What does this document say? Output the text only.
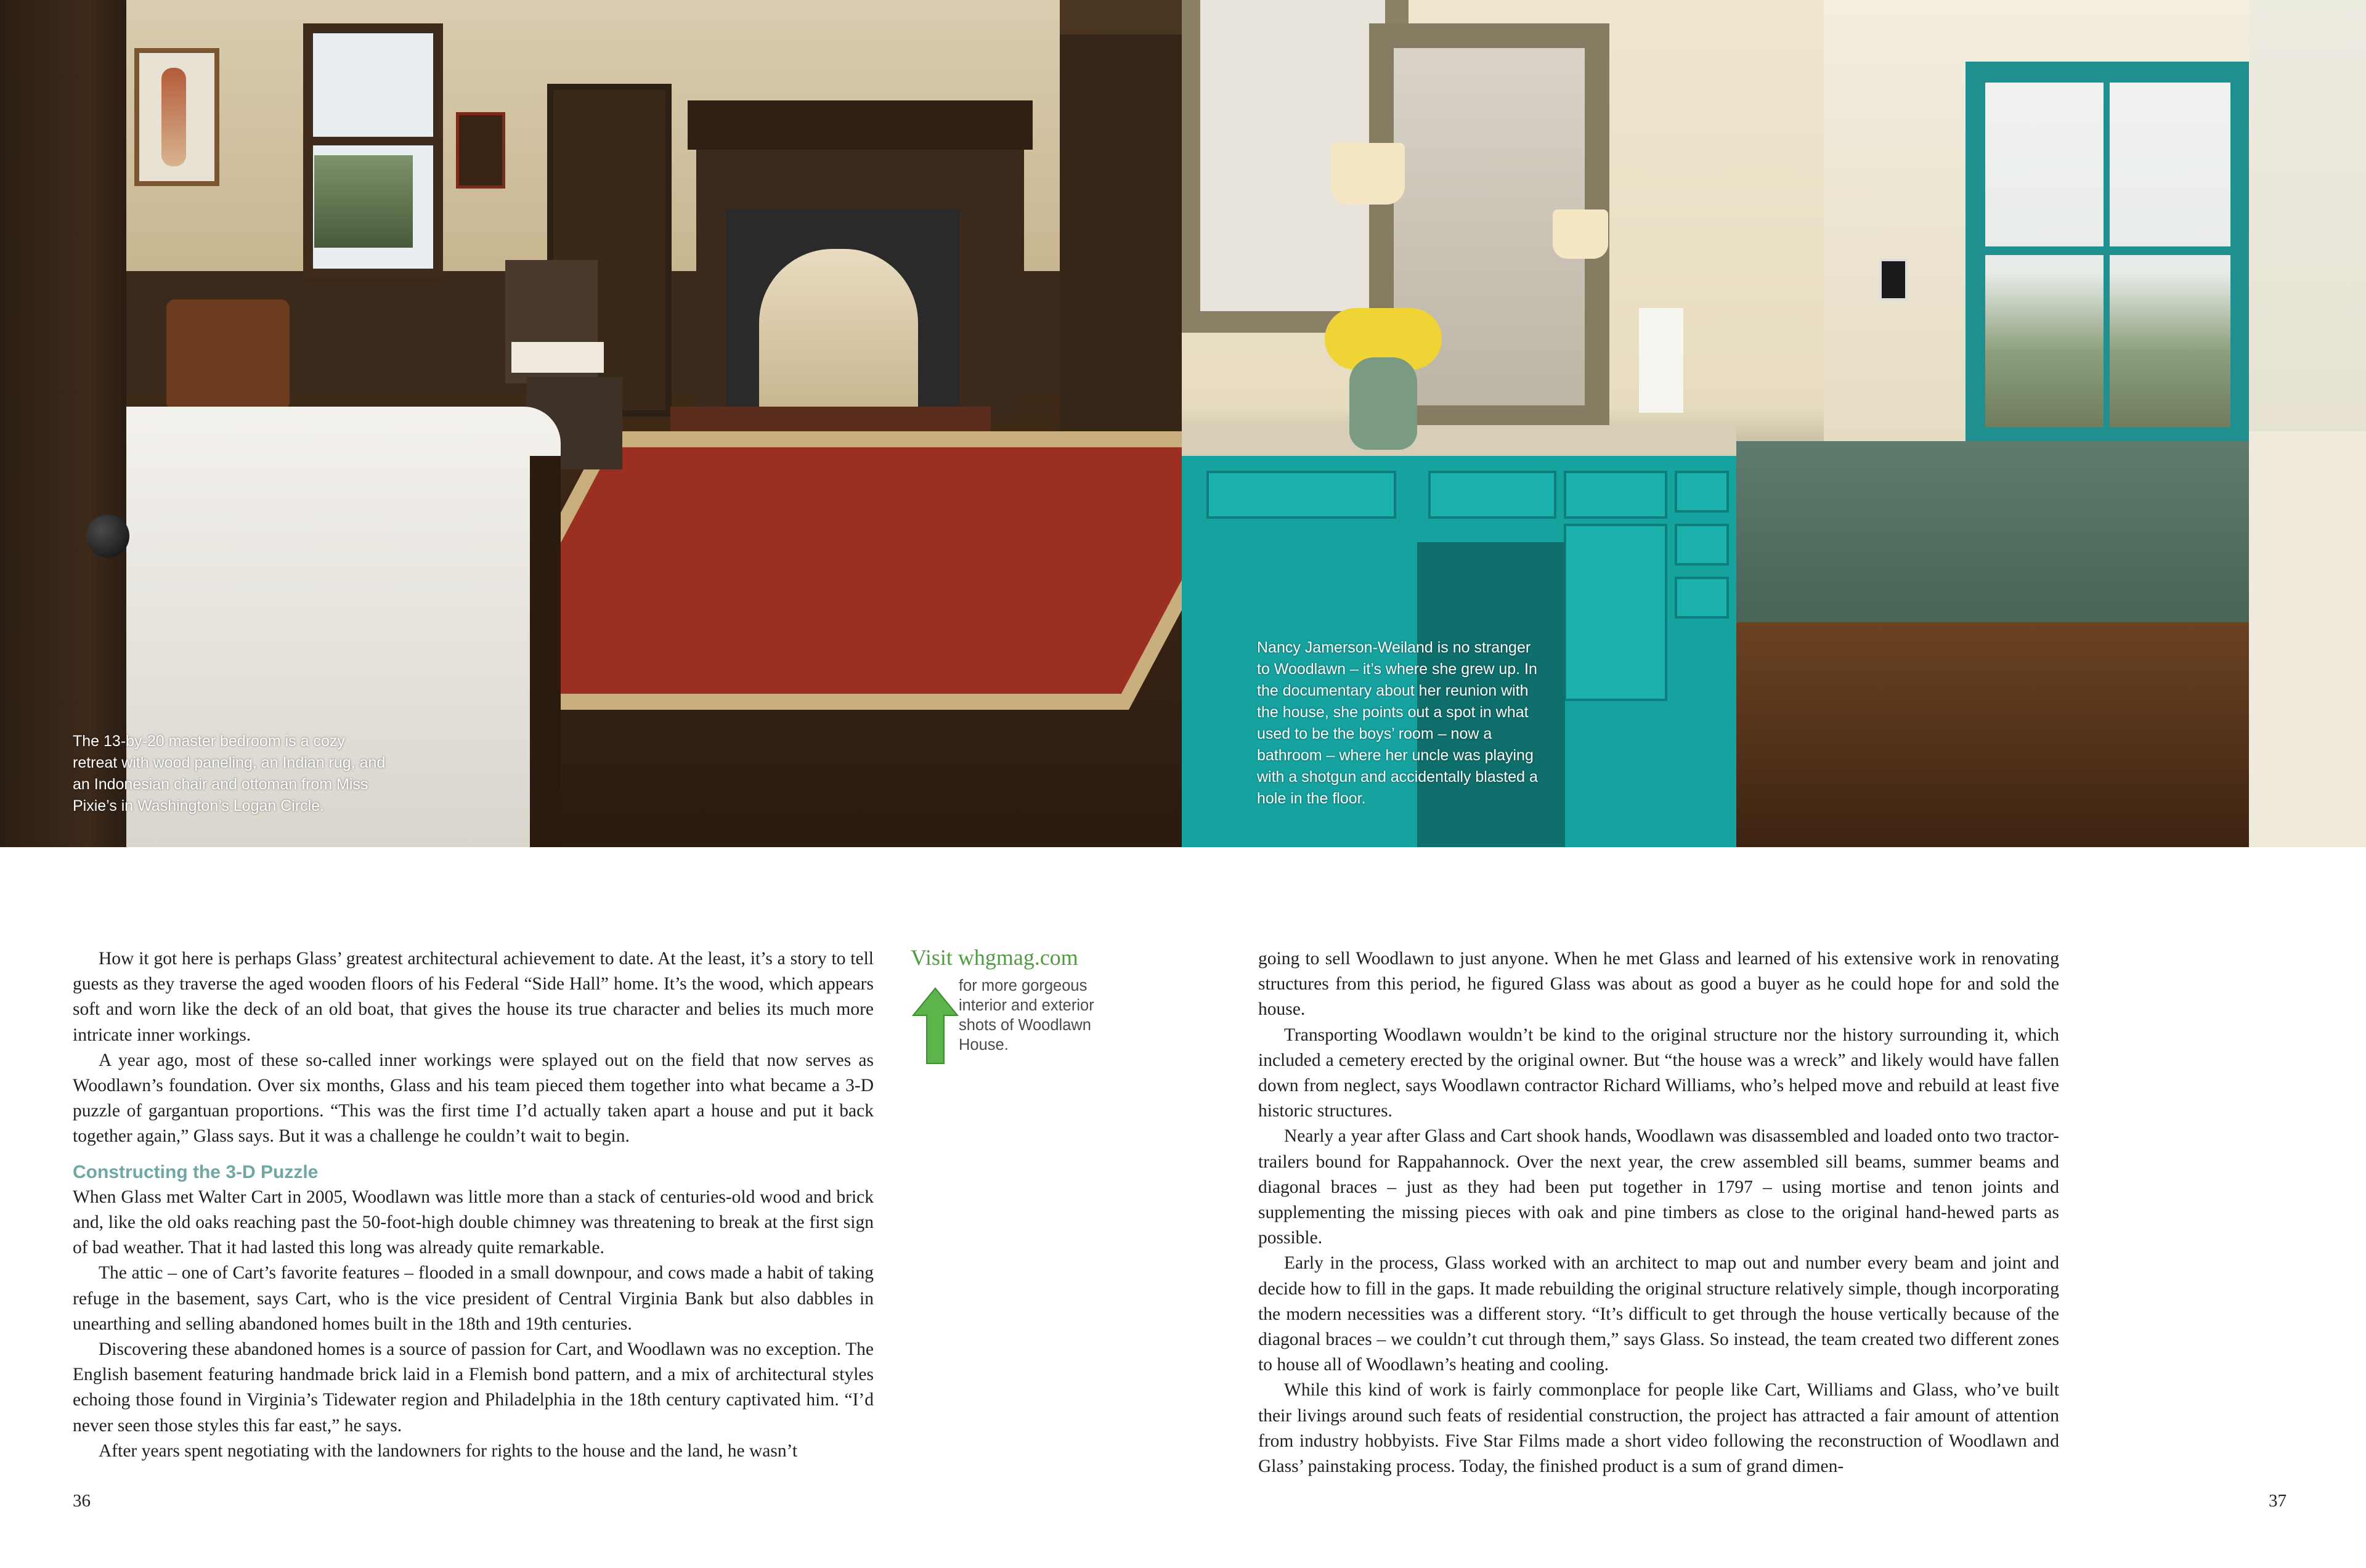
The 13-by-20 master bedroom is a cozy retreat with wood paneling, an Indian rug, and an Indonesian chair and ottoman from Miss Pixie’s in Washington’s Logan Circle.
Nancy Jamerson-Weiland is no stranger to Woodlawn – it’s where she grew up. In the documentary about her reunion with the house, she points out a spot in what used to be the boys’ room – now a bathroom – where her uncle was playing with a shotgun and accidentally blasted a hole in the floor.

How it got here is perhaps Glass’ greatest architectural achievement to date. At the least, it’s a story to tell guests as they traverse the aged wooden floors of his Federal “Side Hall” home. It’s the wood, which appears soft and worn like the deck of an old boat, that gives the house its true character and belies its much more intricate inner workings.

A year ago, most of these so-called inner workings were splayed out on the field that now serves as Woodlawn’s foundation. Over six months, Glass and his team pieced them together into what became a 3-D puzzle of gargantuan proportions. “This was the first time I’d actually taken apart a house and put it back together again,” Glass says. But it was a challenge he couldn’t wait to begin.

Constructing the 3-D Puzzle

When Glass met Walter Cart in 2005, Woodlawn was little more than a stack of centuries-old wood and brick and, like the old oaks reaching past the 50-foot-high double chimney was threatening to break at the first sign of bad weather. That it had lasted this long was already quite remarkable.

The attic – one of Cart’s favorite features – flooded in a small downpour, and cows made a habit of taking refuge in the basement, says Cart, who is the vice president of Central Virginia Bank but also dabbles in unearthing and selling abandoned homes built in the 18th and 19th centuries.

Discovering these abandoned homes is a source of passion for Cart, and Woodlawn was no exception. The English basement featuring handmade brick laid in a Flemish bond pattern, and a mix of architectural styles echoing those found in Virginia’s Tidewater region and Philadelphia in the 18th century captivated him. “I’d never seen those styles this far east,” he says.

After years spent negotiating with the landowners for rights to the house and the land, he wasn’t

Visit whgmag.com
for more gorgeous interior and exterior shots of Woodlawn House.

going to sell Woodlawn to just anyone. When he met Glass and learned of his extensive work in renovating structures from this period, he figured Glass was about as good a buyer as he could hope for and sold the house.

Transporting Woodlawn wouldn’t be kind to the original structure nor the history surrounding it, which included a cemetery erected by the original owner. But “the house was a wreck” and likely would have fallen down from neglect, says Woodlawn contractor Richard Williams, who’s helped move and rebuild at least five historic structures.

Nearly a year after Glass and Cart shook hands, Woodlawn was disassembled and loaded onto two tractor-trailers bound for Rappahannock. Over the next year, the crew assembled sill beams, summer beams and diagonal braces – just as they had been put together in 1797 – using mortise and tenon joints and supplementing the missing pieces with oak and pine timbers as close to the original hand-hewed parts as possible.

Early in the process, Glass worked with an architect to map out and number every beam and joint and decide how to fill in the gaps. It made rebuilding the original structure relatively simple, though incorporating the modern necessities was a different story. “It’s difficult to get through the house vertically because of the diagonal braces – we couldn’t cut through them,” says Glass. So instead, the team created two different zones to house all of Woodlawn’s heating and cooling.

While this kind of work is fairly commonplace for people like Cart, Williams and Glass, who’ve built their livings around such feats of residential construction, the project has attracted a fair amount of attention from industry hobbyists. Five Star Films made a short video following the reconstruction of Woodlawn and Glass’ painstaking process. Today, the finished product is a sum of grand dimen-

36	37
